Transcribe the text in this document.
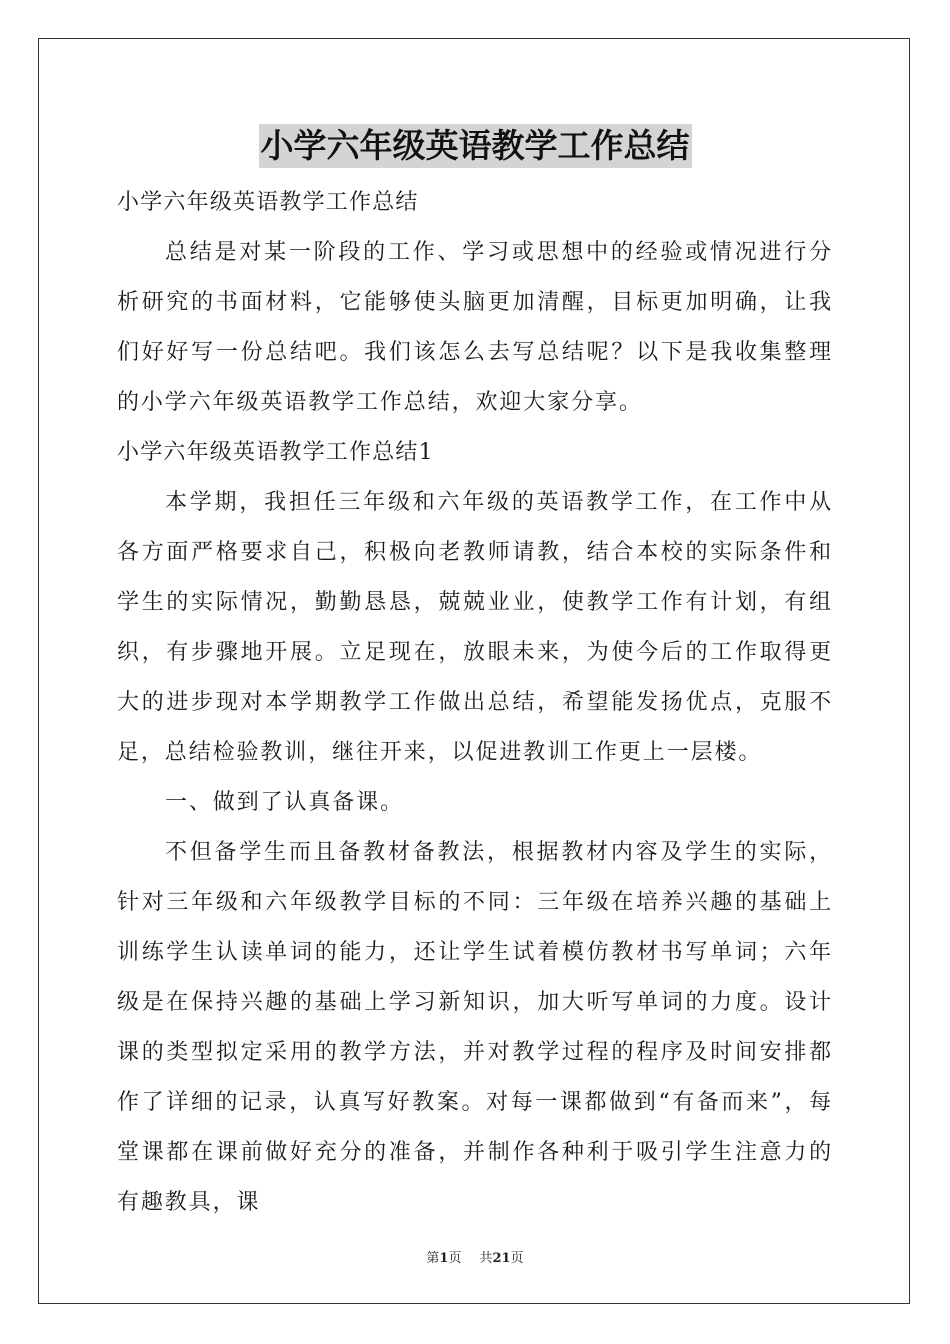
小学六年级英语教学工作总结

小学六年级英语教学工作总结

总结是对某一阶段的工作、学习或思想中的经验或情况进行分析研究的书面材料，它能够使头脑更加清醒，目标更加明确，让我们好好写一份总结吧。我们该怎么去写总结呢？以下是我收集整理的小学六年级英语教学工作总结，欢迎大家分享。

小学六年级英语教学工作总结1

本学期，我担任三年级和六年级的英语教学工作，在工作中从各方面严格要求自己，积极向老教师请教，结合本校的实际条件和学生的实际情况，勤勤恳恳，兢兢业业，使教学工作有计划，有组织，有步骤地开展。立足现在，放眼未来，为使今后的工作取得更大的进步现对本学期教学工作做出总结，希望能发扬优点，克服不足，总结检验教训，继往开来，以促进教训工作更上一层楼。

一、做到了认真备课。

不但备学生而且备教材备教法，根据教材内容及学生的实际，针对三年级和六年级教学目标的不同：三年级在培养兴趣的基础上训练学生认读单词的能力，还让学生试着模仿教材书写单词；六年级是在保持兴趣的基础上学习新知识，加大听写单词的力度。设计课的类型拟定采用的教学方法，并对教学过程的程序及时间安排都作了详细的记录，认真写好教案。对每一课都做到“有备而来”，每堂课都在课前做好充分的准备，并制作各种利于吸引学生注意力的有趣教具，课

第1页 共21页
